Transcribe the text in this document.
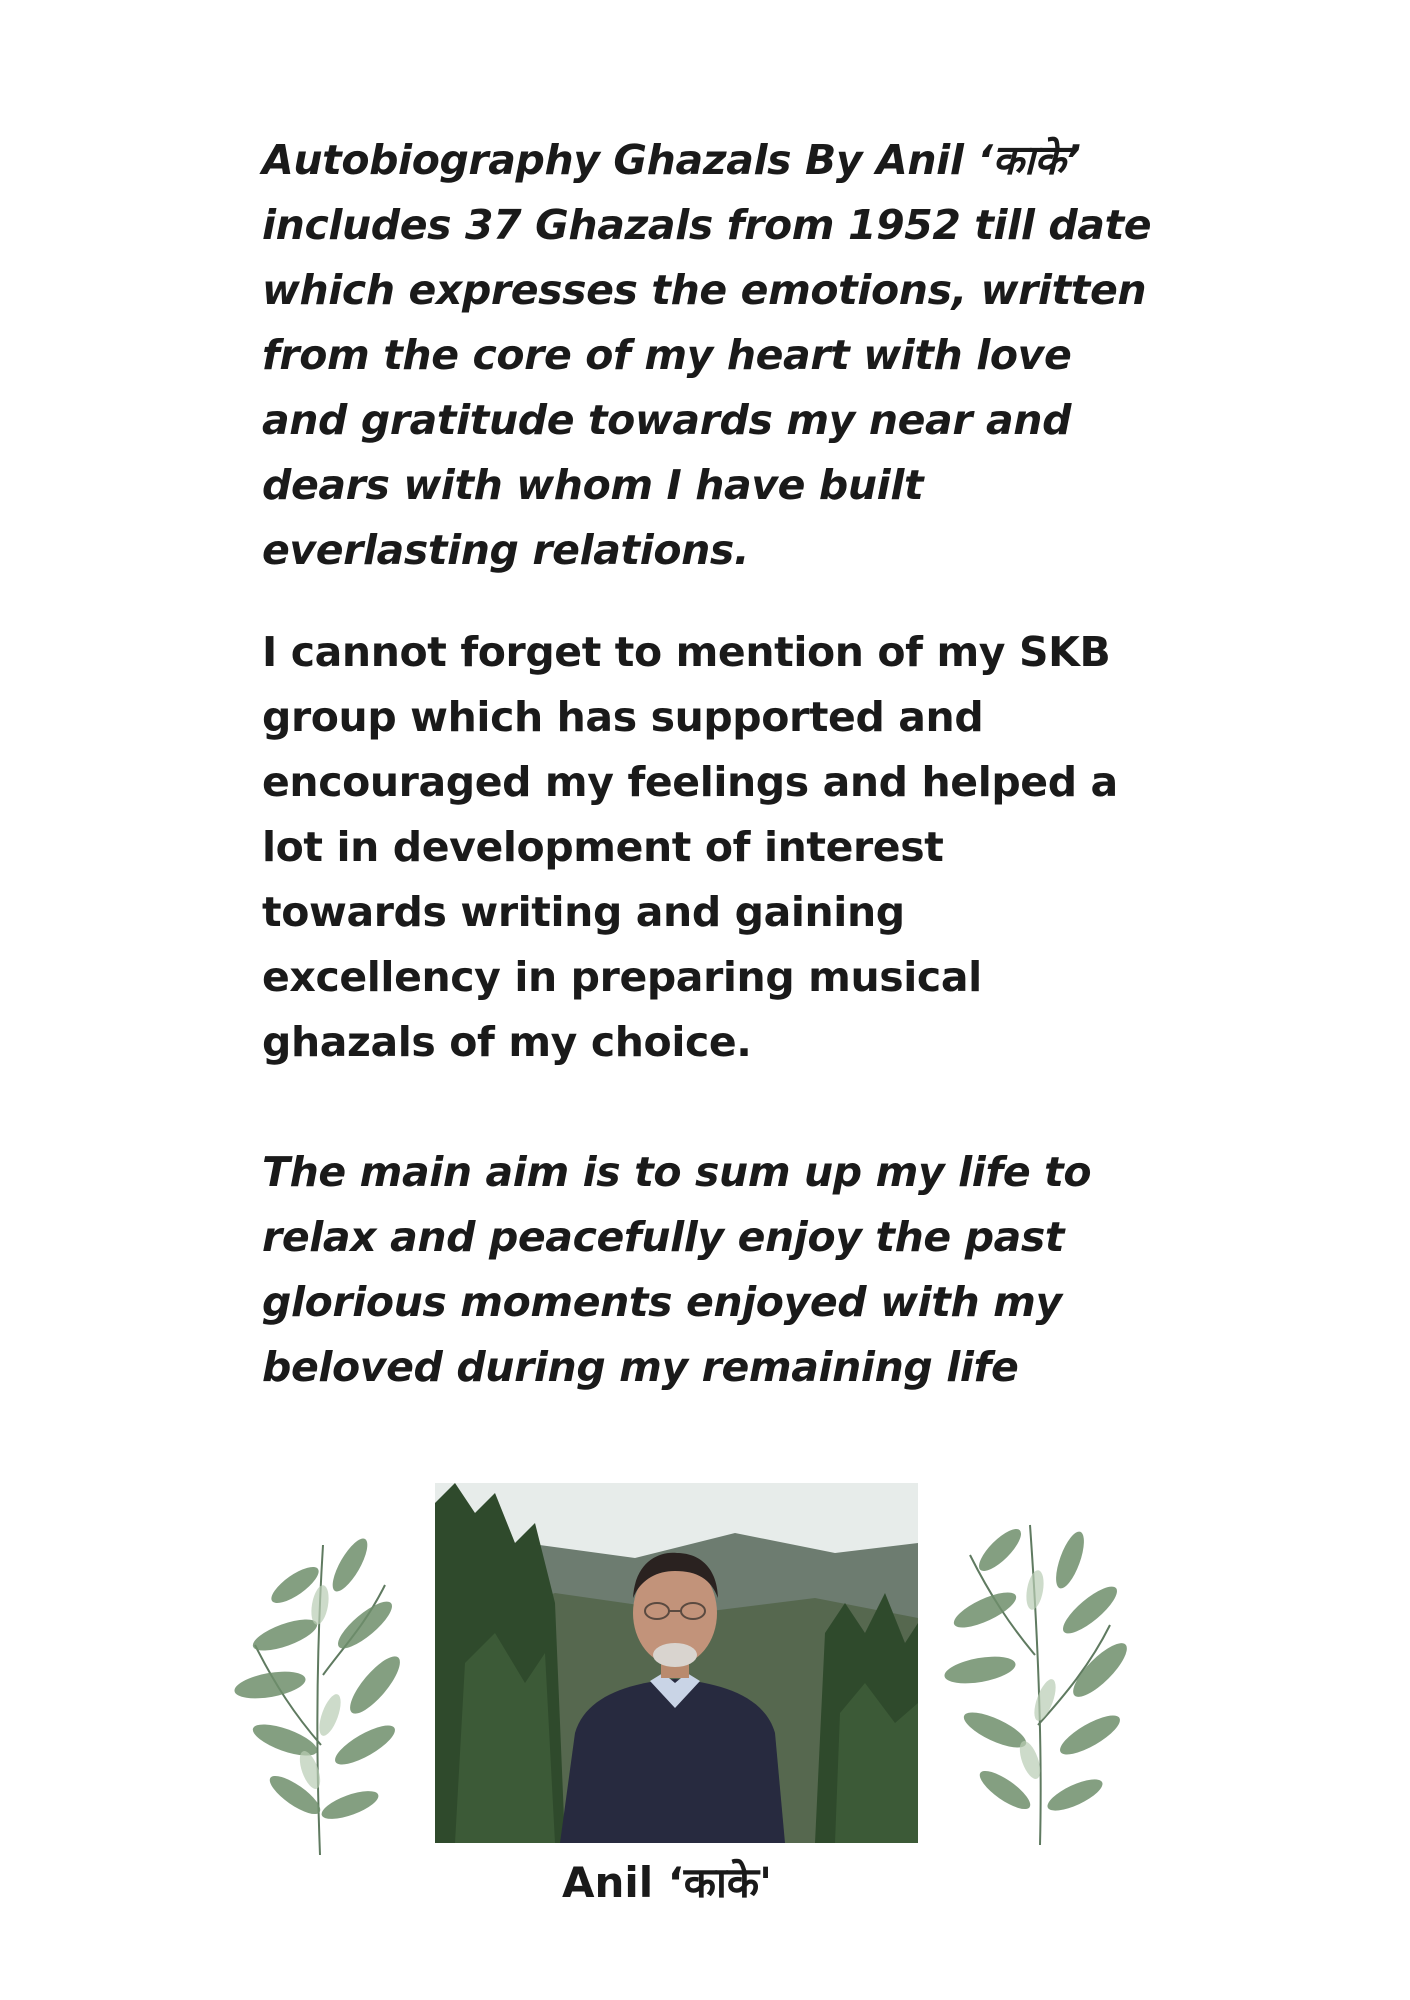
Autobiography Ghazals By Anil ‘काके’
includes 37 Ghazals from 1952 till date
which expresses the emotions, written
from the core of my heart with love
and gratitude towards my near and
dears with whom I have built
everlasting relations.

I cannot forget to mention of my SKB
group which has supported and
encouraged my feelings and helped a
lot in development of interest
towards writing and gaining
excellency in preparing musical
ghazals of my choice.

The main aim is to sum up my life to
relax and peacefully enjoy the past
glorious moments enjoyed with my
beloved during my remaining life

Anil ‘काके'
